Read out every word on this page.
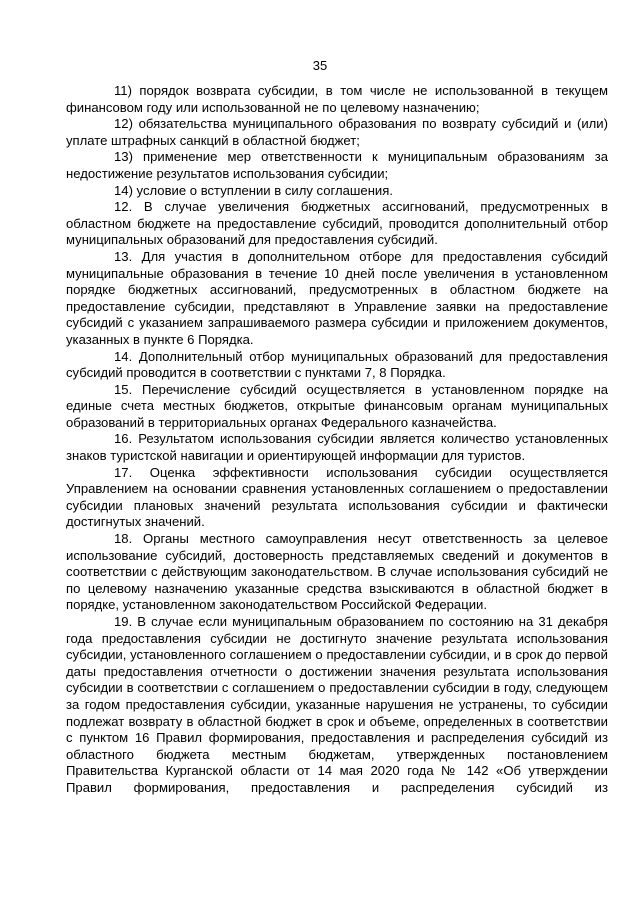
35

11) порядок возврата субсидии, в том числе не использованной в текущем финансовом году или использованной не по целевому назначению;

12) обязательства муниципального образования по возврату субсидий и (или) уплате штрафных санкций в областной бюджет;

13) применение мер ответственности к муниципальным образованиям за недостижение результатов использования субсидии;

14) условие о вступлении в силу соглашения.

12. В случае увеличения бюджетных ассигнований, предусмотренных в областном бюджете на предоставление субсидий, проводится дополнительный отбор муниципальных образований для предоставления субсидий.

13. Для участия в дополнительном отборе для предоставления субсидий муниципальные образования в течение 10 дней после увеличения в установленном порядке бюджетных ассигнований, предусмотренных в областном бюджете на предоставление субсидии, представляют в Управление заявки на предоставление субсидий с указанием запрашиваемого размера субсидии и приложением документов, указанных в пункте 6 Порядка.

14. Дополнительный отбор муниципальных образований для предоставления субсидий проводится в соответствии с пунктами 7, 8 Порядка.

15. Перечисление субсидий осуществляется в установленном порядке на единые счета местных бюджетов, открытые финансовым органам муниципальных образований в территориальных органах Федерального казначейства.

16. Результатом использования субсидии является количество установленных знаков туристской навигации и ориентирующей информации для туристов.

17. Оценка эффективности использования субсидии осуществляется Управлением на основании сравнения установленных соглашением о предоставлении субсидии плановых значений результата использования субсидии и фактически достигнутых значений.

18. Органы местного самоуправления несут ответственность за целевое использование субсидий, достоверность представляемых сведений и документов в соответствии с действующим законодательством. В случае использования субсидий не по целевому назначению указанные средства взыскиваются в областной бюджет в порядке, установленном законодательством Российской Федерации.

19. В случае если муниципальным образованием по состоянию на 31 декабря года предоставления субсидии не достигнуто значение результата использования субсидии, установленного соглашением о предоставлении субсидии, и в срок до первой даты предоставления отчетности о достижении значения результата использования субсидии в соответствии с соглашением о предоставлении субсидии в году, следующем за годом предоставления субсидии, указанные нарушения не устранены, то субсидии подлежат возврату в областной бюджет в срок и объеме, определенных в соответствии с пунктом 16 Правил формирования, предоставления и распределения субсидий из областного бюджета местным бюджетам, утвержденных постановлением Правительства Курганской области от 14 мая 2020 года № 142 «Об утверждении Правил формирования, предоставления и распределения субсидий из
